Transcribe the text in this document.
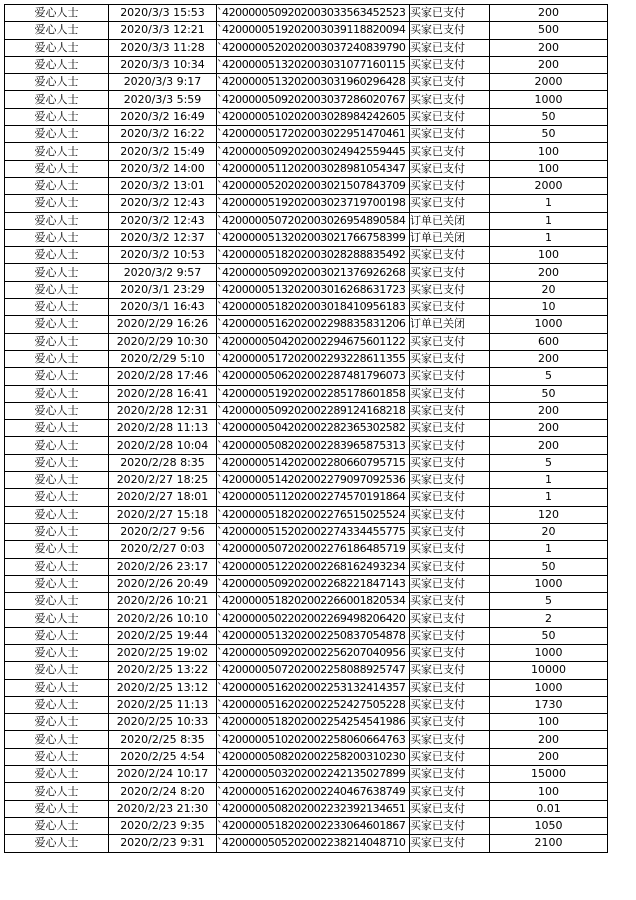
爱心人士	2020/3/3 15:53	`4200000509202003033563452523	买家已支付	200
爱心人士	2020/3/3 12:21	`4200000519202003039118820094	买家已支付	500
爱心人士	2020/3/3 11:28	`4200000520202003037240839790	买家已支付	200
爱心人士	2020/3/3 10:34	`4200000513202003031077160115	买家已支付	200
爱心人士	2020/3/3 9:17	`4200000513202003031960296428	买家已支付	2000
爱心人士	2020/3/3 5:59	`4200000509202003037286020767	买家已支付	1000
爱心人士	2020/3/2 16:49	`4200000510202003028984242605	买家已支付	50
爱心人士	2020/3/2 16:22	`4200000517202003022951470461	买家已支付	50
爱心人士	2020/3/2 15:49	`4200000509202003024942559445	买家已支付	100
爱心人士	2020/3/2 14:00	`4200000511202003028981054347	买家已支付	100
爱心人士	2020/3/2 13:01	`4200000520202003021507843709	买家已支付	2000
爱心人士	2020/3/2 12:43	`4200000519202003023719700198	买家已支付	1
爱心人士	2020/3/2 12:43	`4200000507202003026954890584	订单已关闭	1
爱心人士	2020/3/2 12:37	`4200000513202003021766758399	订单已关闭	1
爱心人士	2020/3/2 10:53	`4200000518202003028288835492	买家已支付	100
爱心人士	2020/3/2 9:57	`4200000509202003021376926268	买家已支付	200
爱心人士	2020/3/1 23:29	`4200000513202003016268631723	买家已支付	20
爱心人士	2020/3/1 16:43	`4200000518202003018410956183	买家已支付	10
爱心人士	2020/2/29 16:26	`4200000516202002298835831206	订单已关闭	1000
爱心人士	2020/2/29 10:30	`4200000504202002294675601122	买家已支付	600
爱心人士	2020/2/29 5:10	`4200000517202002293228611355	买家已支付	200
爱心人士	2020/2/28 17:46	`4200000506202002287481796073	买家已支付	5
爱心人士	2020/2/28 16:41	`4200000519202002285178601858	买家已支付	50
爱心人士	2020/2/28 12:31	`4200000509202002289124168218	买家已支付	200
爱心人士	2020/2/28 11:13	`4200000504202002282365302582	买家已支付	200
爱心人士	2020/2/28 10:04	`4200000508202002283965875313	买家已支付	200
爱心人士	2020/2/28 8:35	`4200000514202002280660795715	买家已支付	5
爱心人士	2020/2/27 18:25	`4200000514202002279097092536	买家已支付	1
爱心人士	2020/2/27 18:01	`4200000511202002274570191864	买家已支付	1
爱心人士	2020/2/27 15:18	`4200000518202002276515025524	买家已支付	120
爱心人士	2020/2/27 9:56	`4200000515202002274334455775	买家已支付	20
爱心人士	2020/2/27 0:03	`4200000507202002276186485719	买家已支付	1
爱心人士	2020/2/26 23:17	`4200000512202002268162493234	买家已支付	50
爱心人士	2020/2/26 20:49	`4200000509202002268221847143	买家已支付	1000
爱心人士	2020/2/26 10:21	`4200000518202002266001820534	买家已支付	5
爱心人士	2020/2/26 10:10	`4200000502202002269498206420	买家已支付	2
爱心人士	2020/2/25 19:44	`4200000513202002250837054878	买家已支付	50
爱心人士	2020/2/25 19:02	`4200000509202002256207040956	买家已支付	1000
爱心人士	2020/2/25 13:22	`4200000507202002258088925747	买家已支付	10000
爱心人士	2020/2/25 13:12	`4200000516202002253132414357	买家已支付	1000
爱心人士	2020/2/25 11:13	`4200000516202002252427505228	买家已支付	1730
爱心人士	2020/2/25 10:33	`4200000518202002254254541986	买家已支付	100
爱心人士	2020/2/25 8:35	`4200000510202002258060664763	买家已支付	200
爱心人士	2020/2/25 4:54	`4200000508202002258200310230	买家已支付	200
爱心人士	2020/2/24 10:17	`4200000503202002242135027899	买家已支付	15000
爱心人士	2020/2/24 8:20	`4200000516202002240467638749	买家已支付	100
爱心人士	2020/2/23 21:30	`4200000508202002232392134651	买家已支付	0.01
爱心人士	2020/2/23 9:35	`4200000518202002233064601867	买家已支付	1050
爱心人士	2020/2/23 9:31	`4200000505202002238214048710	买家已支付	2100
